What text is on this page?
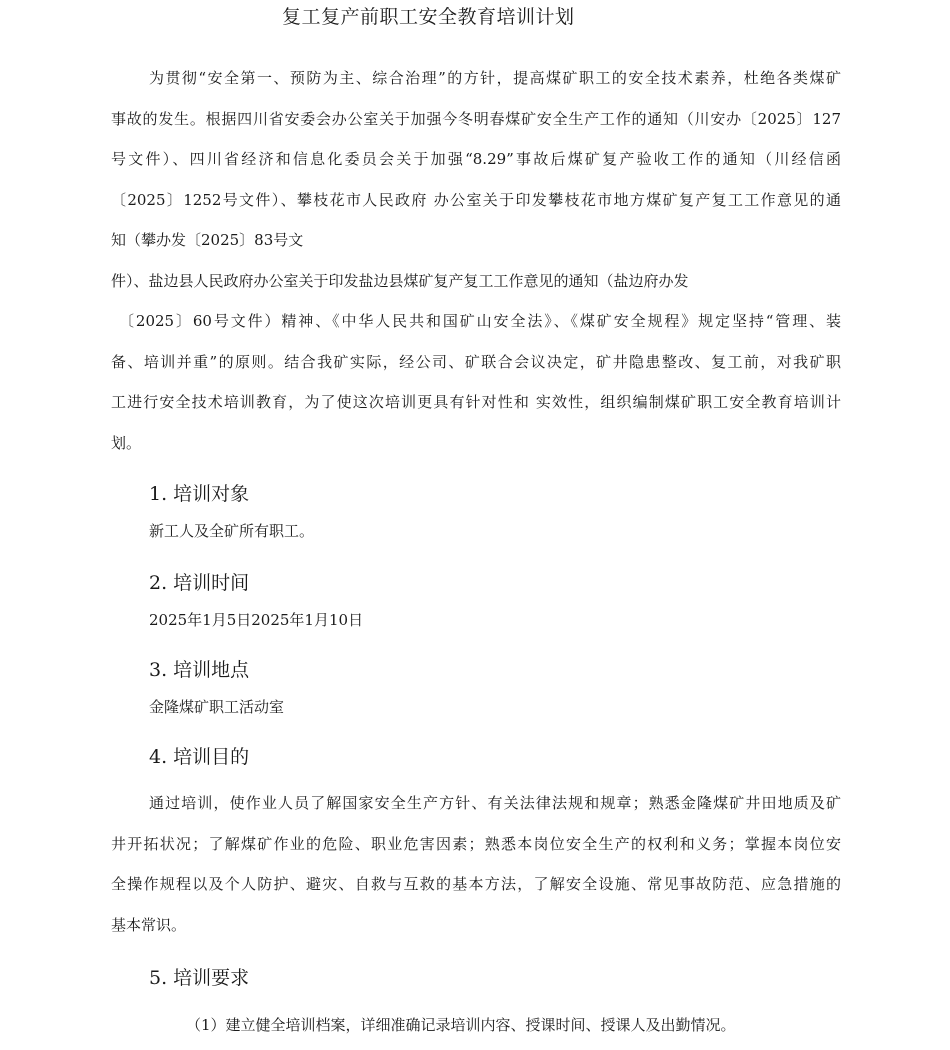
复工复产前职工安全教育培训计划
为贯彻“安全第一、预防为主、综合治理”的方针，提高煤矿职工的安全技术素养，杜绝各类煤矿
事故的发生。根据四川省安委会办公室关于加强今冬明春煤矿安全生产工作的通知（川安办〔2025〕127
号文件）、四川省经济和信息化委员会关于加强“8.29”事故后煤矿复产验收工作的通知（川经信函
〔2025〕1252号文件）、攀枝花市人民政府 办公室关于印发攀枝花市地方煤矿复产复工工作意见的通
知（攀办发〔2025〕83号文
件）、盐边县人民政府办公室关于印发盐边县煤矿复产复工工作意见的通知（盐边府办发
〔2025〕60号文件）精神、《中华人民共和国矿山安全法》、《煤矿安全规程》规定坚持“管理、装
备、培训并重”的原则。结合我矿实际，经公司、矿联合会议决定，矿井隐患整改、复工前，对我矿职
工进行安全技术培训教育，为了使这次培训更具有针对性和 实效性，组织编制煤矿职工安全教育培训计
划。
1. 培训对象
新工人及全矿所有职工。
2. 培训时间
2025年1月5日2025年1月10日
3. 培训地点
金隆煤矿职工活动室
4. 培训目的
通过培训，使作业人员了解国家安全生产方针、有关法律法规和规章；熟悉金隆煤矿井田地质及矿
井开拓状况；了解煤矿作业的危险、职业危害因素；熟悉本岗位安全生产的权利和义务；掌握本岗位安
全操作规程以及个人防护、避灾、自救与互救的基本方法，了解安全设施、常见事故防范、应急措施的
基本常识。
5. 培训要求
（1）建立健全培训档案，详细准确记录培训内容、授课时间、授课人及出勤情况。
